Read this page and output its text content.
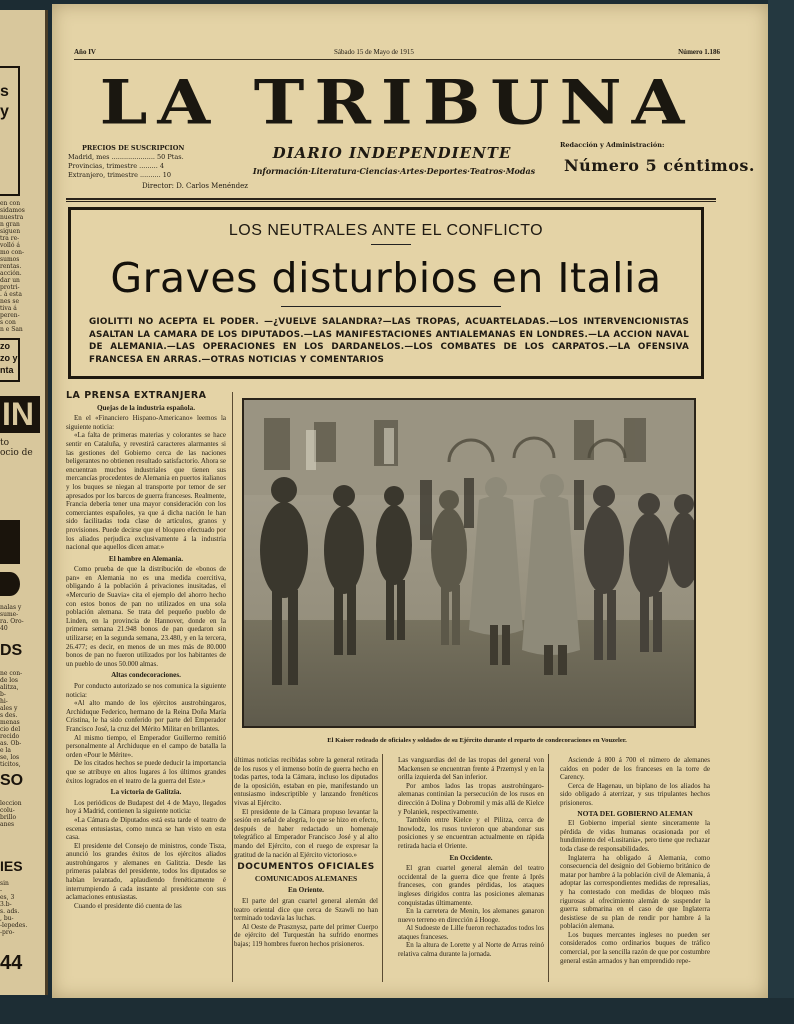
s
y
en con
sidamos
nuestra
n gran
siguen
tra re-
volló á
mo con-
sumos
rentas.
acción.
dar un
protri-
. á esta
nes se
tiva á
peren-
s con
n e San
zo
zo y
nta
IN
to
ocio de
nalas y
sume-
ra. Oro-
40
DS
ne con-
de los
alitza,
b-
hi-
ales y
s des.
menas
cio del
recido
as. Ob-
e la
se, los
ticitos,
SO
leccion
colu-
brillo
anes
IES
sin
-
es, 3
3.b-
s. ads.
, bu-
-lepedes.
-pro-
44
Año IV	Sábado 15 de Mayo de 1915	Número 1.186
LA TRIBUNA
PRECIOS DE SUSCRIPCION
Madrid, mes ..................... 50 Ptas.
Provincias, trimestre ......... 4
Extranjero, trimestre .......... 10
Director: D. Carlos Menéndez
DIARIO INDEPENDIENTE
Información·Literatura·Ciencias·Artes·Deportes·Teatros·Modas
Redacción y Administración:
Número 5 céntimos.
LOS NEUTRALES ANTE EL CONFLICTO
Graves disturbios en Italia
GIOLITTI NO ACEPTA EL PODER. —¿VUELVE SALANDRA?—LAS TROPAS, ACUARTELADAS.—LOS INTERVENCIONISTAS ASALTAN LA CAMARA DE LOS DIPUTADOS.—LAS MANIFESTACIONES ANTIALEMANAS EN LONDRES.—LA ACCION NAVAL DE ALEMANIA.—LAS OPERACIONES EN LOS DARDANELOS.—LOS COMBATES DE LOS CARPATOS.—LA OFENSIVA FRANCESA EN ARRAS.—OTRAS NOTICIAS Y COMENTARIOS
LA PRENSA EXTRANJERA
Quejas de la industria española.

En el «Financiero Hispano-Americano» leemos la siguiente noticia:

«La falta de primeras materias y colorantes se hace sentir en Cataluña, y revestirá caracteres alarmantes si las gestiones del Gobierno cerca de las naciones beligerantes no obtienen resultado satisfactorio. Ahora se encuentran muchos industriales que tienen sus mercancías procedentes de Alemania en puertos italianos y los buques se niegan al transporte por temor de ser apresados por los barcos de guerra franceses. Realmente, Francia debería tener una mayor consideración con los comerciantes españoles, ya que á dicha nación le han sido facilitadas toda clase de artículos, granos y provisiones. Puede decirse que el bloqueo efectuado por los aliados perjudica exclusivamente á la industria nacional que aquellos dicen amar.»

El hambre en Alemania.

Como prueba de que la distribución de «bonos de pan» en Alemania no es una medida coercitiva, obligando á la población á privaciones inusitadas, el «Mercurio de Suavia» cita el ejemplo del ahorro hecho con estos bonos de pan no utilizados en una sola población alemana. Se trata del pequeño pueblo de Linden, en la provincia de Hannover, donde en la primera semana 21.948 bonos de pan quedaron sin utilizarse; en la segunda semana, 23.480, y en la tercera, 26.477; es decir, en menos de un mes más de 80.000 bonos de pan no fueron utilizados por los habitantes de un pueblo de unos 50.000 almas.

Altas condecoraciones.

Por conducto autorizado se nos comunica la siguiente noticia:

«Al alto mando de los ejércitos austrohúngaros, Archiduque Federico, hermano de la Reina Doña María Cristina, le ha sido conferido por parte del Emperador Francisco José, la cruz del Mérito Militar en brillantes.

Al mismo tiempo, el Emperador Guillermo remitió personalmente al Archiduque en el campo de batalla la orden «Pour le Mérite».

De los citados hechos se puede deducir la importancia que se atribuye en altos lugares á los últimos grandes éxitos logrados en el teatro de la guerra del Este.»

La victoria de Galitzia.

Los periódicos de Budapest del 4 de Mayo, llegados hoy á Madrid, contienen la siguiente noticia:

«La Cámara de Diputados está esta tarde el teatro de escenas entusiastas, como nunca se han visto en esta casa.

El presidente del Consejo de ministros, conde Tisza, anunció los grandes éxitos de los ejércitos aliados austrohúngaros y alemanes en Galitzia. Desde las primeras palabras del presidente, todos los diputados se habían levantado, aplaudiendo frenéticamente é interrumpiendo á cada instante al presidente con sus aclamaciones entusiastas.

Cuando el presidente dió cuenta de las

El Kaiser rodeado de oficiales y soldados de su Ejército durante el reparto de condecoraciones en Vouzeler.

últimas noticias recibidas sobre la general retirada de los rusos y el inmenso botín de guerra hecho en todas partes, toda la Cámara, incluso los diputados de la oposición, estaban en pie, manifestando un entusiasmo indescriptible y lanzando frenéticos vivas al Ejército.

El presidente de la Cámara propuso levantar la sesión en señal de alegría, lo que se hizo en efecto, después de haber redactado un homenaje telegráfico al Emperador Francisco José y al alto mando del Ejército, con el ruego de expresar la gratitud de la nación al Ejército victorioso.»

DOCUMENTOS OFICIALES
COMUNICADOS ALEMANES
En Oriente.

El parte del gran cuartel general alemán del teatro oriental dice que cerca de Szawli no han terminado todavía las luchas.

Al Oeste de Prasznysz, parte del primer Cuerpo de ejército del Turquestán ha sufrido enormes bajas; 119 hombres fueron hechos prisioneros.

Las vanguardias del de las tropas del general von Mackensen se encuentran frente á Przemysl y en la orilla izquierda del San inferior.

Por ambos lados las tropas austrohúngaro-alemanas continúan la persecución de los rusos en dirección á Dolina y Dobromil y más allá de Kielce y Polaniek, respectivamente.

También entre Kielce y el Pilitza, cerca de Inowlodz, los rusos tuvieron que abandonar sus posiciones y se encuentran actualmente en rápida retirada hacia el Oriente.

En Occidente.

El gran cuartel general alemán del teatro occidental de la guerra dice que frente á Iprés franceses, con grandes pérdidas, los ataques ingleses dirigidos contra las posiciones alemanas conquistadas últimamente.

En la carretera de Menin, los alemanes ganaron nuevo terreno en dirección á Hooge.

Al Sudoeste de Lille fueron rechazados todos los ataques franceses.

En la altura de Lorette y al Norte de Arras reinó relativa calma durante la jornada.

Asciende á 800 á 700 el número de alemanes caídos en poder de los franceses en la torre de Carency.

Cerca de Hagenau, un biplano de los aliados ha sido obligado á aterrizar, y sus tripulantes hechos prisioneros.

NOTA DEL GOBIERNO ALEMAN

El Gobierno imperial siente sinceramente la pérdida de vidas humanas ocasionada por el hundimiento del «Lusitania», pero tiene que rechazar toda clase de responsabilidades.

Inglaterra ha obligado á Alemania, como consecuencia del designio del Gobierno británico de matar por hambre á la población civil de Alemania, á adoptar las correspondientes medidas de represalias, y ha contestado con medidas de bloqueo más rigurosas al ofrecimiento alemán de suspender la guerra submarina en el caso de que Inglaterra desistiese de su plan de rendir por hambre á la población alemana.

Los buques mercantes ingleses no pueden ser considerados como ordinarios buques de tráfico comercial, por la sencilla razón de que por costumbre general están armados y han emprendido repe-
